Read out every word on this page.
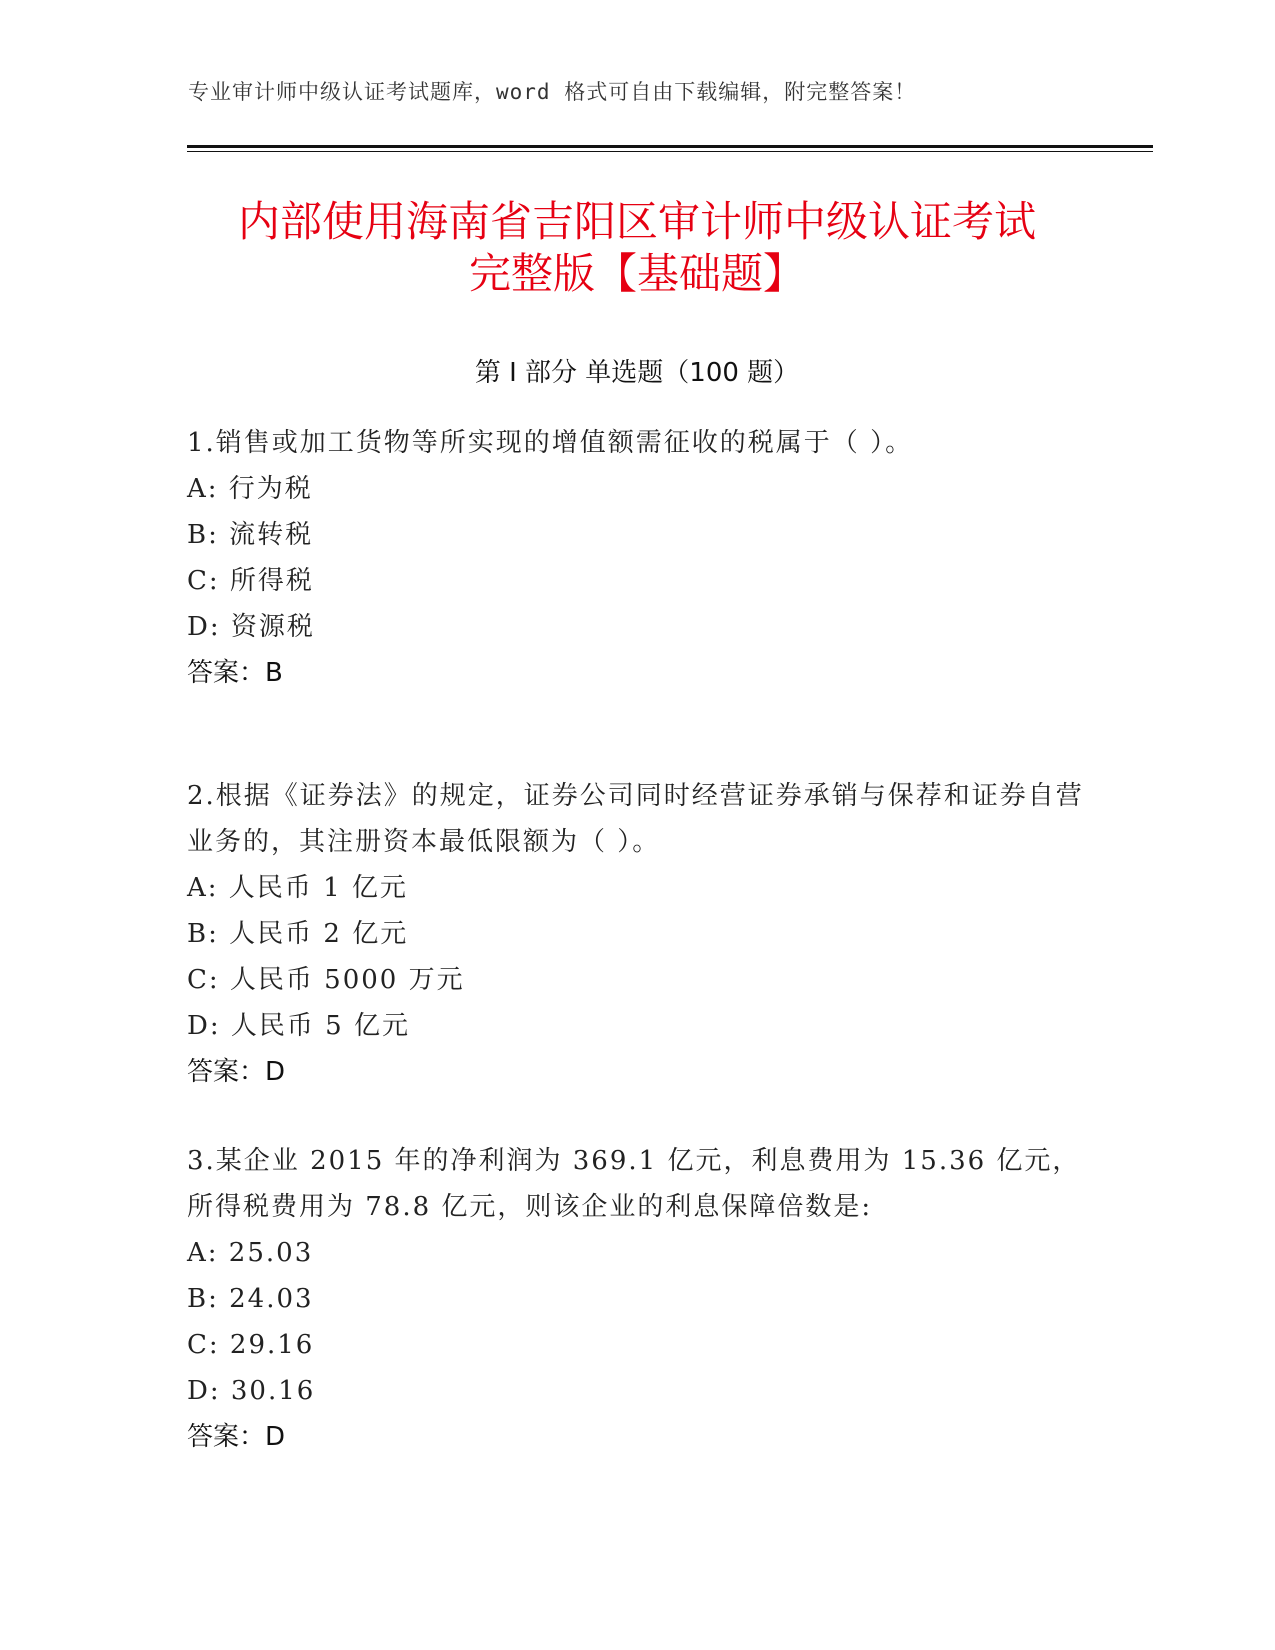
专业审计师中级认证考试题库，word 格式可自由下载编辑，附完整答案！
内部使用海南省吉阳区审计师中级认证考试
完整版【基础题】
第 I 部分 单选题（100 题）

1.销售或加工货物等所实现的增值额需征收的税属于（ ）。

A: 行为税

B: 流转税

C: 所得税

D: 资源税

答案：B

2.根据《证券法》的规定，证券公司同时经营证券承销与保荐和证券自营业务的，其注册资本最低限额为（ ）。

A: 人民币 1 亿元

B: 人民币 2 亿元

C: 人民币 5000 万元

D: 人民币 5 亿元

答案：D

3.某企业 2015 年的净利润为 369.1 亿元，利息费用为 15.36 亿元，所得税费用为 78.8 亿元，则该企业的利息保障倍数是:

A: 25.03

B: 24.03

C: 29.16

D: 30.16

答案：D
